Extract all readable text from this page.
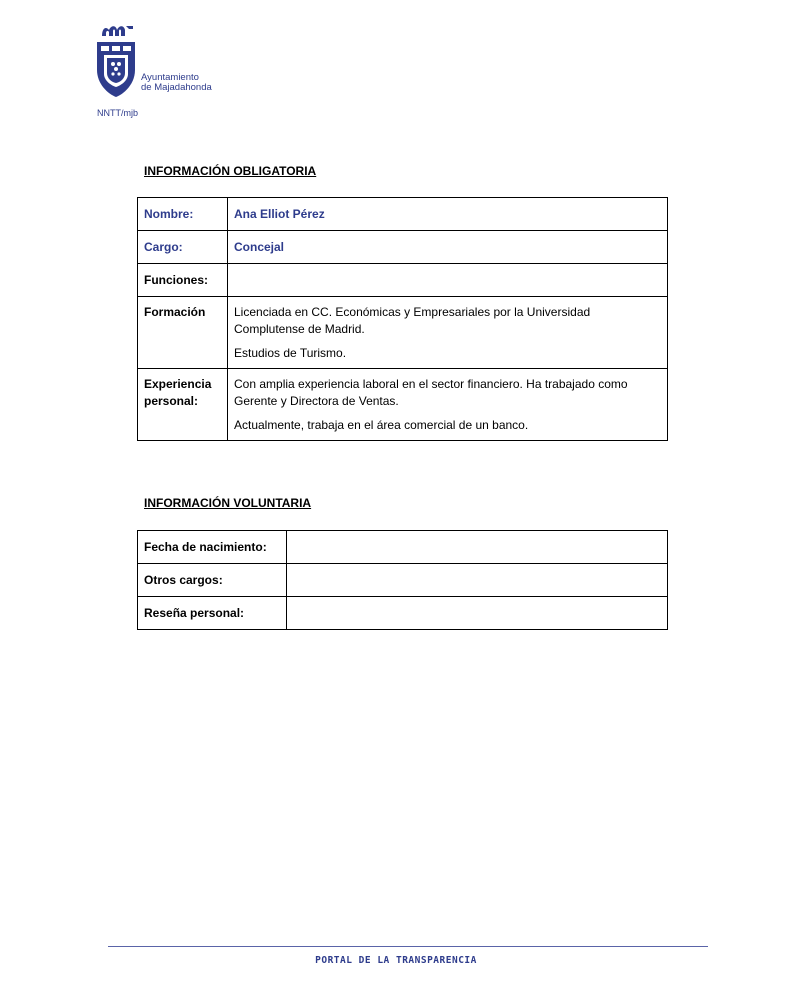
Ayuntamiento
de Majadahonda
NNTT/mjb
INFORMACIÓN OBLIGATORIA
Nombre:	Ana Elliot Pérez
Cargo:	Concejal
Funciones:	
Formación	Licenciada en CC. Económicas y Empresariales por la Universidad Complutense de Madrid.

Estudios de Turismo.

Experiencia personal:	Con amplia experiencia laboral en el sector financiero. Ha trabajado como Gerente y Directora de Ventas.

Actualmente, trabaja en el área comercial de un banco.

INFORMACIÓN VOLUNTARIA
Fecha de nacimiento:	
Otros cargos:	
Reseña personal:	
PORTAL DE LA TRANSPARENCIA
